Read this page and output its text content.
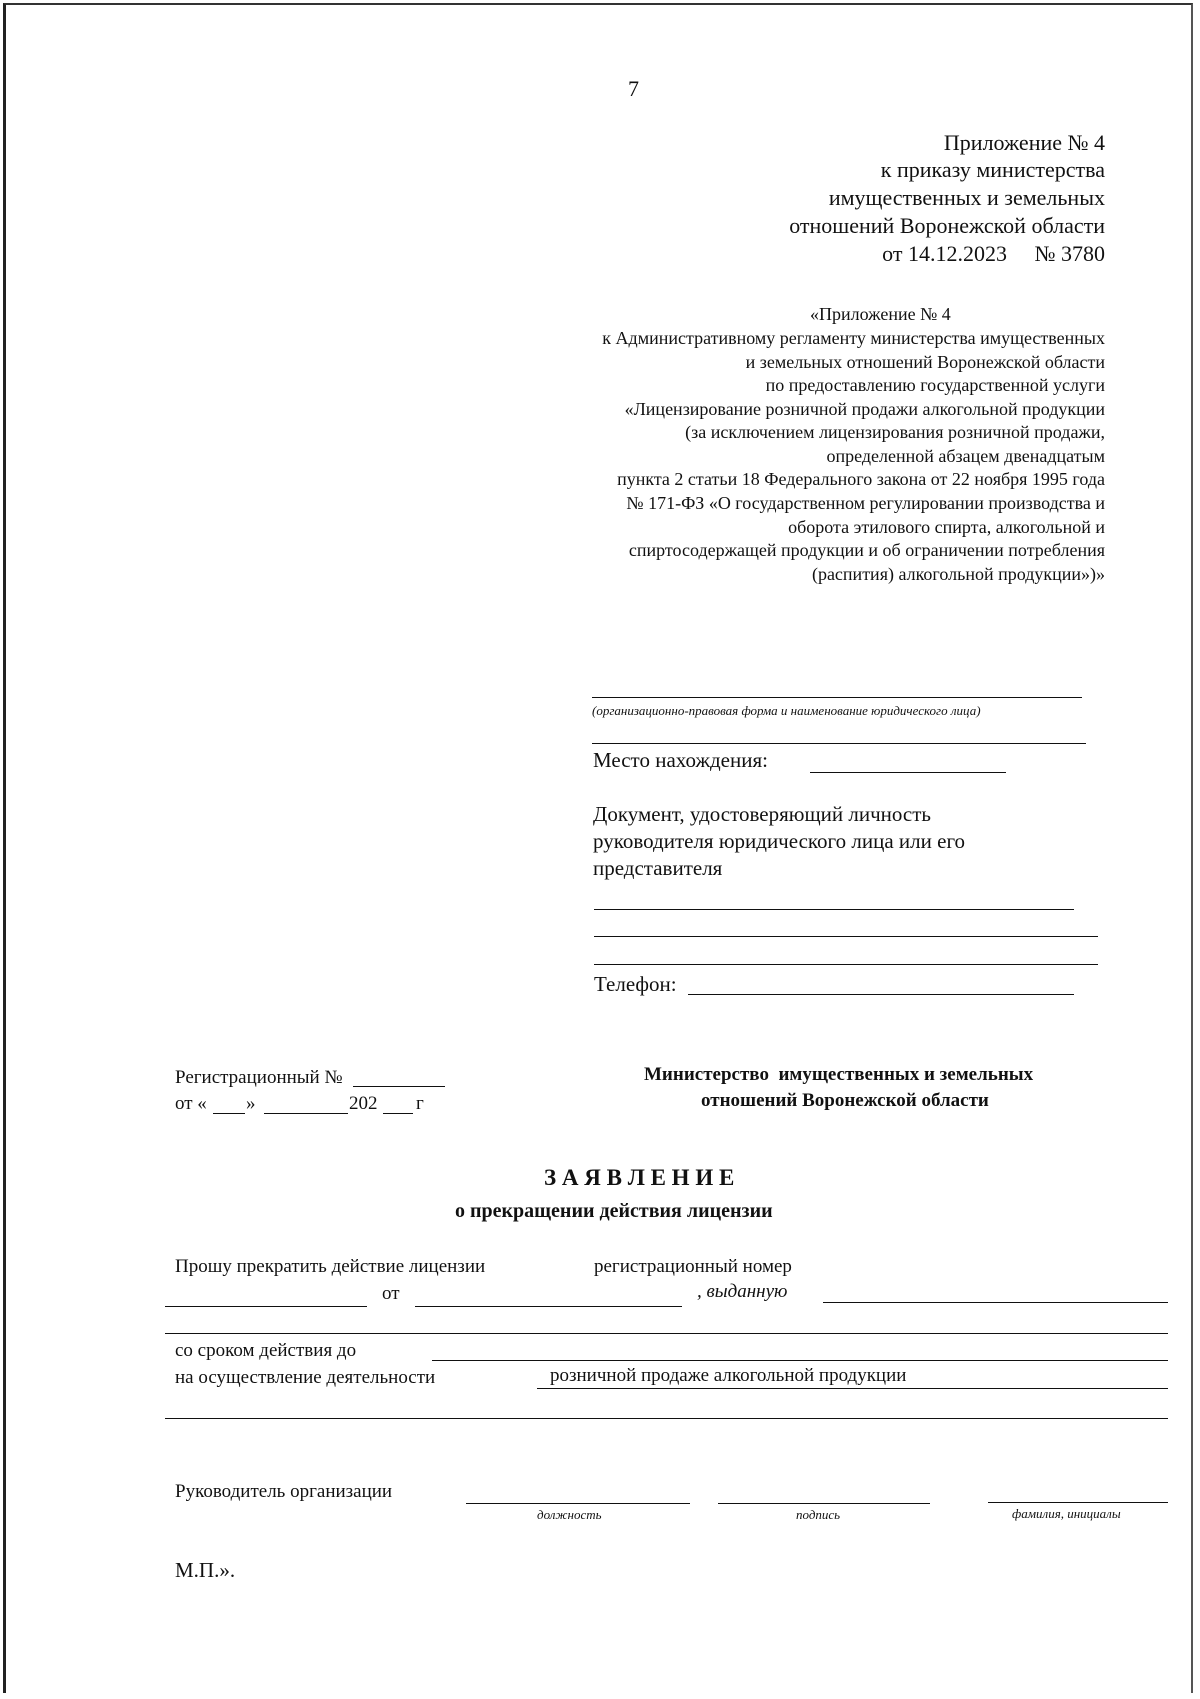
7
Приложение № 4
к приказу министерства
имущественных и земельных
отношений Воронежской области
от 14.12.2023     № 3780
«Приложение № 4
к Административному регламенту министерства имущественных
и земельных отношений Воронежской области
по предоставлению государственной услуги
«Лицензирование розничной продажи алкогольной продукции
(за исключением лицензирования розничной продажи,
определенной абзацем двенадцатым
пункта 2 статьи 18 Федерального закона от 22 ноября 1995 года
№ 171-ФЗ «О государственном регулировании производства и
оборота этилового спирта, алкогольной и
спиртосодержащей продукции и об ограничении потребления
(распития) алкогольной продукции»)»
(организационно-правовая форма и наименование юридического лица)
Место нахождения:
Документ, удостоверяющий личность
руководителя юридического лица или его
представителя
Телефон:
Регистрационный №
от « »	202 г
Министерство  имущественных и земельных
отношений Воронежской области
З А Я В Л Е Н И Е
о прекращении действия лицензии
Прошу прекратить действие лицензии	регистрационный номер
от	, выданную
со сроком действия до
на осуществление деятельности	розничной продаже алкогольной продукции
Руководитель организации
должность	подпись	фамилия, инициалы
М.П.».
